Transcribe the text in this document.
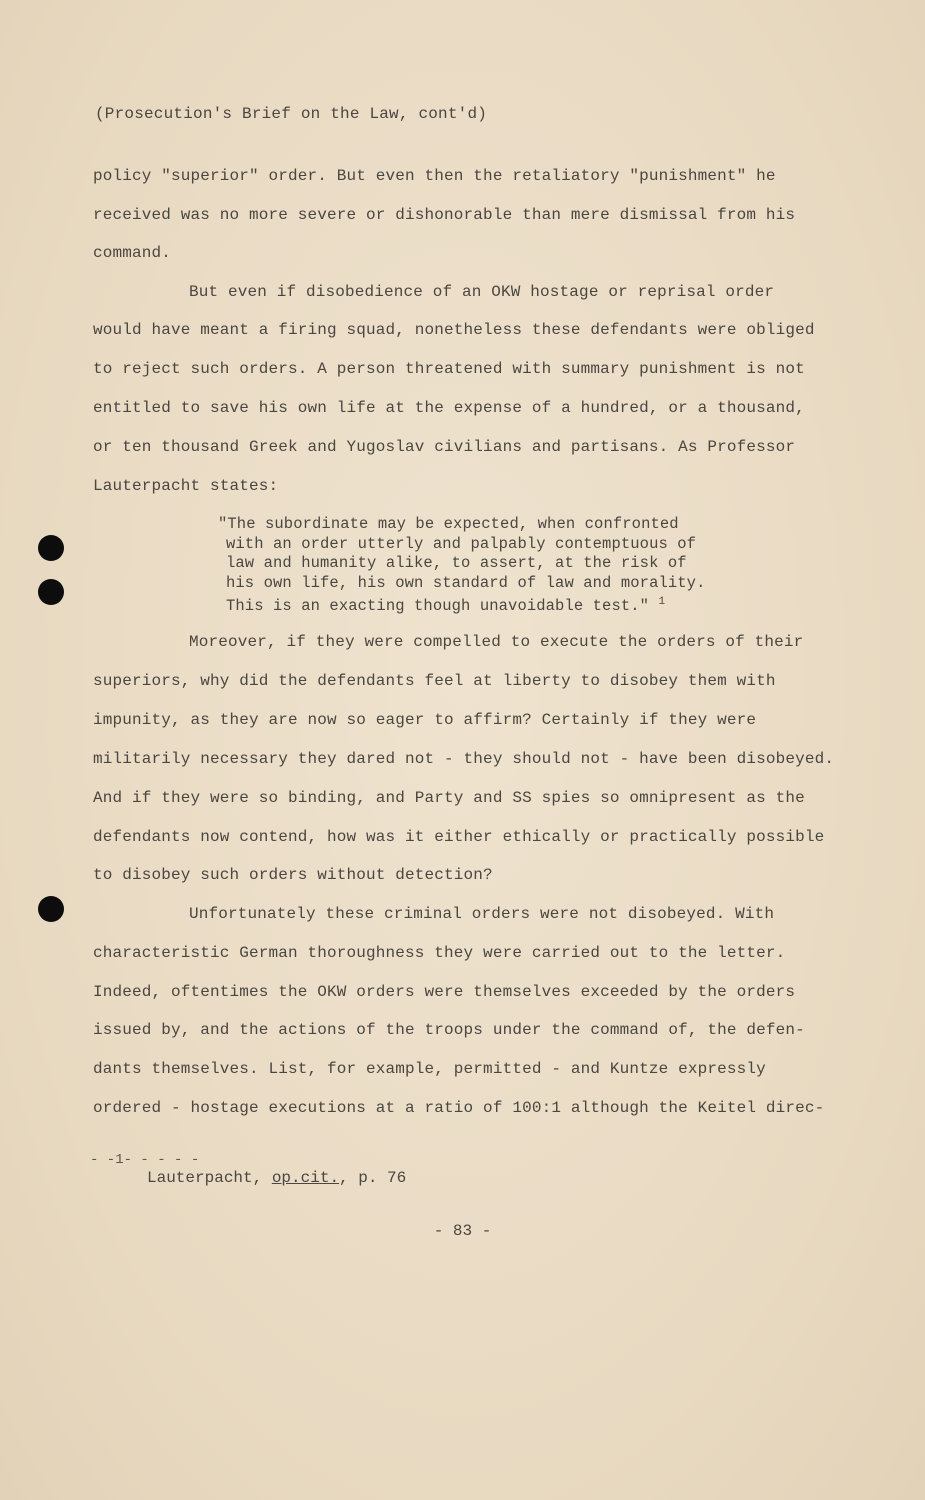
(Prosecution's Brief on the Law, cont'd)
policy "superior" order. But even then the retaliatory "punishment" he
received was no more severe or dishonorable than mere dismissal from his
command.
But even if disobedience of an OKW hostage or reprisal order
would have meant a firing squad, nonetheless these defendants were obliged
to reject such orders. A person threatened with summary punishment is not
entitled to save his own life at the expense of a hundred, or a thousand,
or ten thousand Greek and Yugoslav civilians and partisans. As Professor
Lauterpacht states:
"The subordinate may be expected, when confronted
with an order utterly and palpably contemptuous of
law and humanity alike, to assert, at the risk of
his own life, his own standard of law and morality.
This is an exacting though unavoidable test." $^1$
Moreover, if they were compelled to execute the orders of their
superiors, why did the defendants feel at liberty to disobey them with
impunity, as they are now so eager to affirm? Certainly if they were
militarily necessary they dared not - they should not - have been disobeyed.
And if they were so binding, and Party and SS spies so omnipresent as the
defendants now contend, how was it either ethically or practically possible
to disobey such orders without detection?
Unfortunately these criminal orders were not disobeyed. With
characteristic German thoroughness they were carried out to the letter.
Indeed, oftentimes the OKW orders were themselves exceeded by the orders
issued by, and the actions of the troops under the command of, the defen-
dants themselves. List, for example, permitted - and Kuntze expressly
ordered - hostage executions at a ratio of 100:1 although the Keitel direc-
- -1- - - - -
Lauterpacht, op.cit., p. 76
- 83 -
